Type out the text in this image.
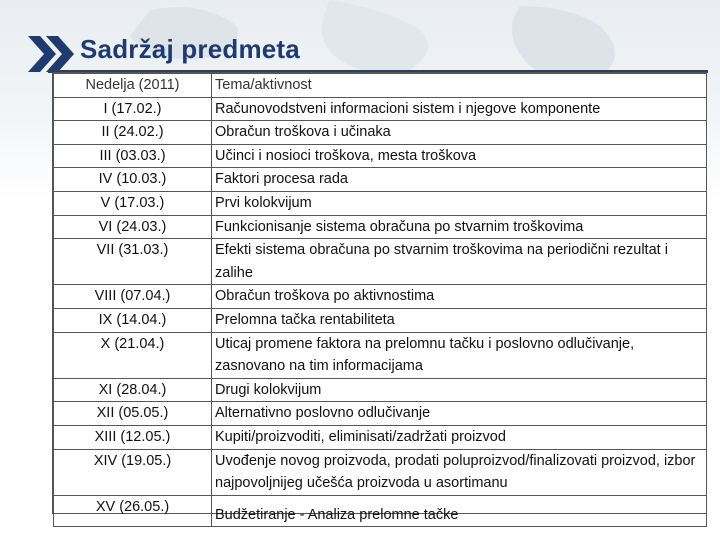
Sadržaj predmeta
Nedelja (2011)	Tema/aktivnost
I (17.02.)	Računovodstveni informacioni sistem i njegove komponente
II (24.02.)	Obračun troškova i učinaka
III (03.03.)	Učinci i nosioci troškova, mesta troškova
IV (10.03.)	Faktori procesa rada
V (17.03.)	Prvi kolokvijum
VI (24.03.)	Funkcionisanje sistema obračuna po stvarnim troškovima
VII (31.03.)	Efekti sistema obračuna po stvarnim troškovima na periodični rezultat i zalihe
VIII (07.04.)	Obračun troškova po aktivnostima
IX (14.04.)	Prelomna tačka rentabiliteta
X (21.04.)	Uticaj promene faktora na prelomnu tačku i poslovno odlučivanje, zasnovano na tim informacijama
XI (28.04.)	Drugi kolokvijum
XII (05.05.)	Alternativno poslovno odlučivanje
XIII (12.05.)	Kupiti/proizvoditi, eliminisati/zadržati proizvod
XIV (19.05.)	Uvođenje novog proizvoda, prodati poluproizvod/finalizovati proizvod, izbor najpovoljnijeg učešća proizvoda u asortimanu
XV (26.05.)	Budžetiranje - Analiza prelomne tačke
